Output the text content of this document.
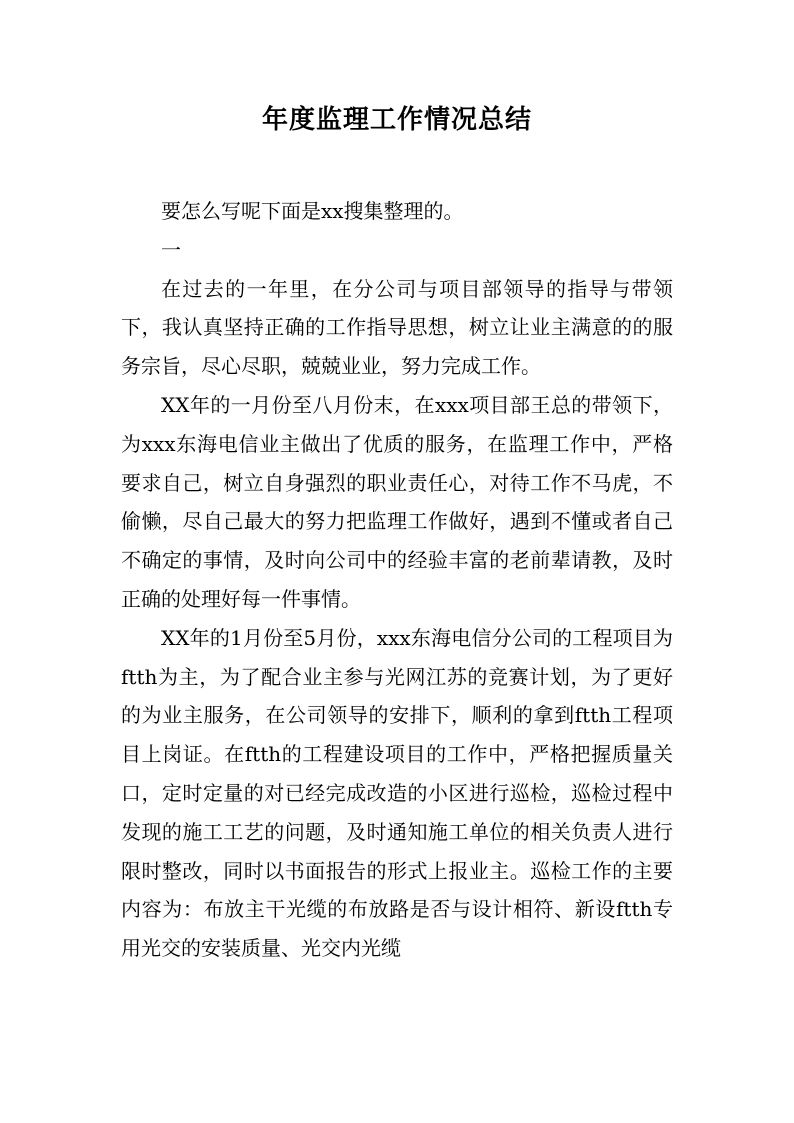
年度监理工作情况总结

要怎么写呢下面是xx搜集整理的。

一

在过去的一年里，在分公司与项目部领导的指导与带领下，我认真坚持正确的工作指导思想，树立让业主满意的的服务宗旨，尽心尽职，兢兢业业，努力完成工作。

XX年的一月份至八月份末，在xxx项目部王总的带领下，为xxx东海电信业主做出了优质的服务，在监理工作中，严格要求自己，树立自身强烈的职业责任心，对待工作不马虎，不偷懒，尽自己最大的努力把监理工作做好，遇到不懂或者自己不确定的事情，及时向公司中的经验丰富的老前辈请教，及时正确的处理好每一件事情。

XX年的1月份至5月份，xxx东海电信分公司的工程项目为ftth为主，为了配合业主参与光网江苏的竞赛计划，为了更好的为业主服务，在公司领导的安排下，顺利的拿到ftth工程项目上岗证。在ftth的工程建设项目的工作中，严格把握质量关口，定时定量的对已经完成改造的小区进行巡检，巡检过程中发现的施工工艺的问题，及时通知施工单位的相关负责人进行限时整改，同时以书面报告的形式上报业主。巡检工作的主要内容为：布放主干光缆的布放路是否与设计相符、新设ftth专用光交的安装质量、光交内光缆
